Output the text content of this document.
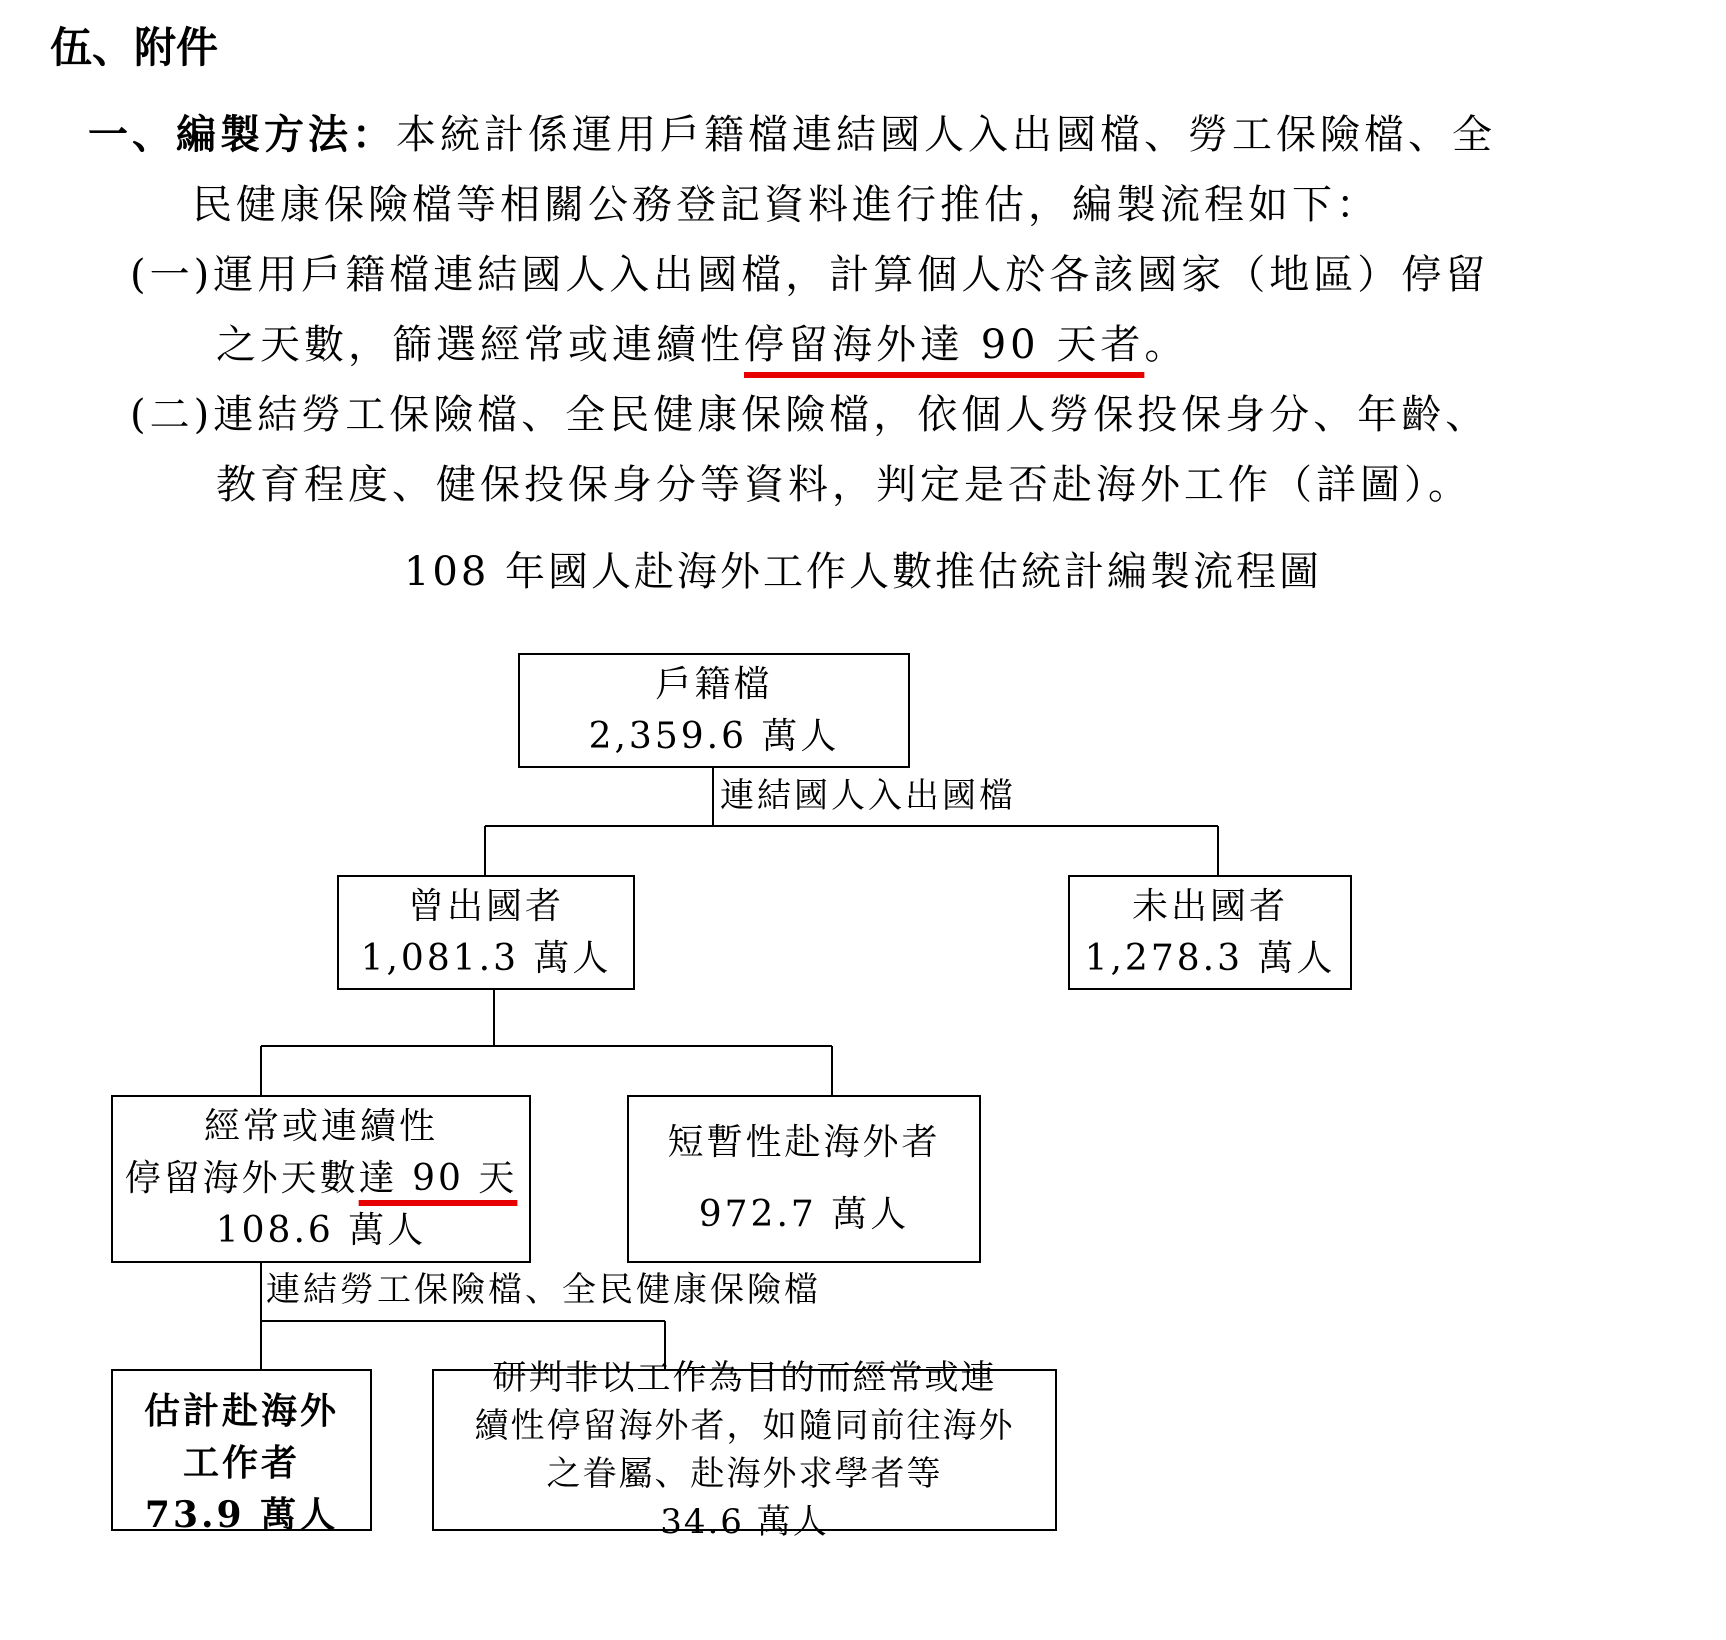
伍、附件
一、編製方法：本統計係運用戶籍檔連結國人入出國檔、勞工保險檔、全
民健康保險檔等相關公務登記資料進行推估，編製流程如下：
(一)運用戶籍檔連結國人入出國檔，計算個人於各該國家（地區）停留
之天數，篩選經常或連續性停留海外達 90 天者。
(二)連結勞工保險檔、全民健康保險檔，依個人勞保投保身分、年齡、
教育程度、健保投保身分等資料，判定是否赴海外工作（詳圖）。
108 年國人赴海外工作人數推估統計編製流程圖
戶籍檔
2,359.6 萬人
連結國人入出國檔
曾出國者
1,081.3 萬人
未出國者
1,278.3 萬人
經常或連續性
停留海外天數達 90 天
108.6 萬人
短暫性赴海外者
972.7 萬人
連結勞工保險檔、全民健康保險檔
估計赴海外
工作者
73.9 萬人
研判非以工作為目的而經常或連
續性停留海外者，如隨同前往海外
之眷屬、赴海外求學者等
34.6 萬人
